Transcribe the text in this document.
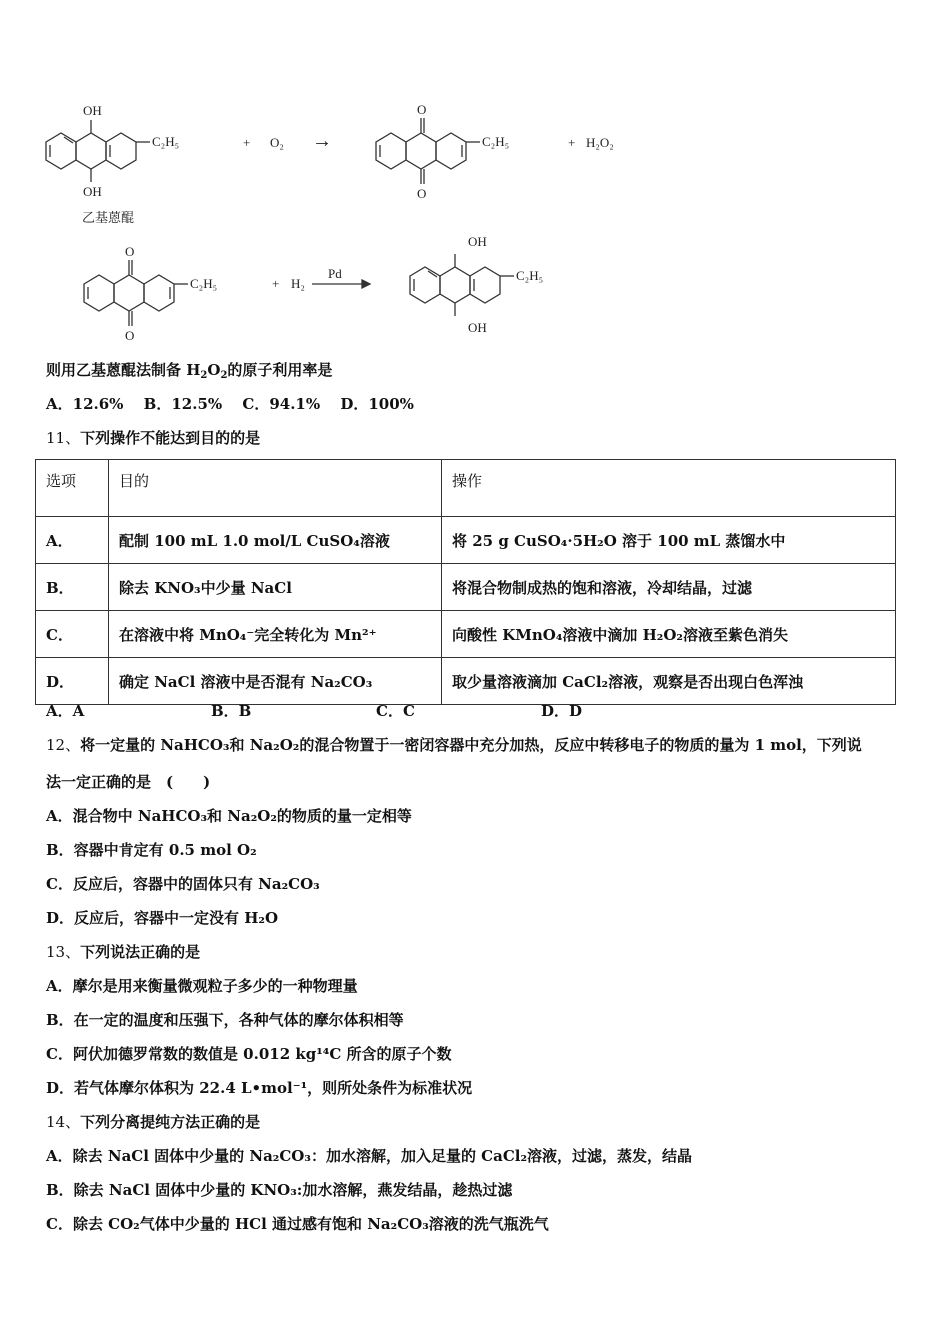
OH
OH
C₂H₅	+ O₂ →
O
O
C₂H₅	+ H₂O₂
乙基蒽醌
O
O
C₂H₅	+ H₂
Pd
OH
OH
C₂H₅
则用乙基蒽醌法制备 $H_2O_2$的原子利用率是
A．12.6%  B．12.5%  C．94.1%  D．100%
11、下列操作不能达到目的的是
选项	目的	操作
A．	配制 100 mL 1.0 mol/L CuSO₄溶液	将 25 g CuSO₄·5H₂O 溶于 100 mL 蒸馏水中
B．	除去 KNO₃中少量 NaCl	将混合物制成热的饱和溶液，冷却结晶，过滤
C．	在溶液中将 MnO₄⁻完全转化为 Mn²⁺	向酸性 KMnO₄溶液中滴加 H₂O₂溶液至紫色消失
D．	确定 NaCl 溶液中是否混有 Na₂CO₃	取少量溶液滴加 CaCl₂溶液，观察是否出现白色浑浊
A．A	B．B	C．C	D．D
12、将一定量的 NaHCO₃和 Na₂O₂的混合物置于一密闭容器中充分加热，反应中转移电子的物质的量为 1 mol，下列说
法一定正确的是　(　　)
A．混合物中 NaHCO₃和 Na₂O₂的物质的量一定相等
B．容器中肯定有 0.5 mol O₂
C．反应后，容器中的固体只有 Na₂CO₃
D．反应后，容器中一定没有 H₂O
13、下列说法正确的是
A．摩尔是用来衡量微观粒子多少的一种物理量
B．在一定的温度和压强下，各种气体的摩尔体积相等
C．阿伏加德罗常数的数值是 0.012 kg¹⁴C 所含的原子个数
D．若气体摩尔体积为 22.4 L•mol⁻¹，则所处条件为标准状况
14、下列分离提纯方法正确的是
A．除去 NaCl 固体中少量的 Na₂CO₃：加水溶解，加入足量的 CaCl₂溶液，过滤，蒸发，结晶
B．除去 NaCl 固体中少量的 KNO₃:加水溶解，燕发结晶，趁热过滤
C．除去 CO₂气体中少量的 HCl 通过感有饱和 Na₂CO₃溶液的洗气瓶洗气
